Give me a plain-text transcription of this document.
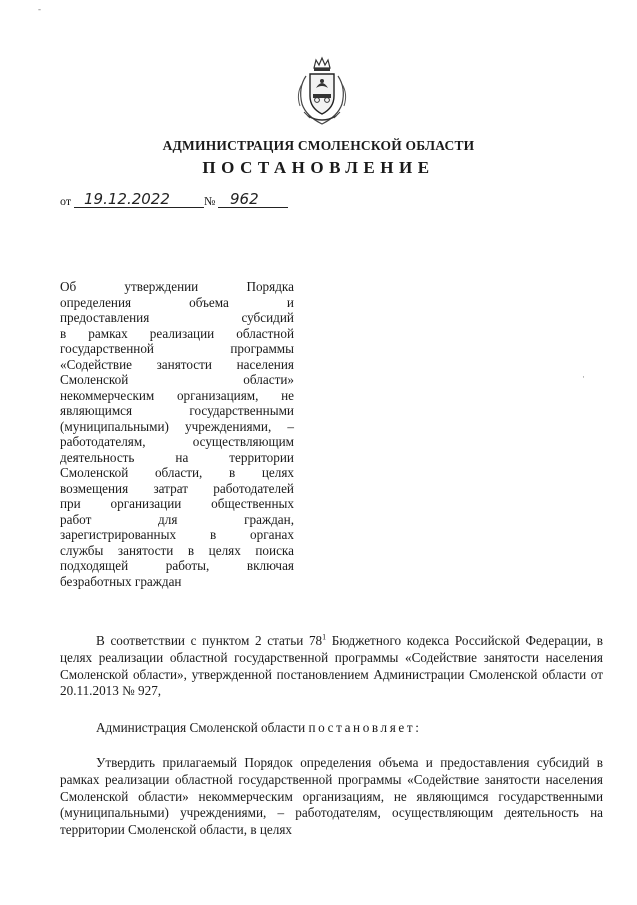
АДМИНИСТРАЦИЯ СМОЛЕНСКОЙ ОБЛАСТИ
ПОСТАНОВЛЕНИЕ
от 19.12.2022	№ 962
Об утверждении Порядка
определения объема и
предоставления субсидий
в рамках реализации областной
государственной программы
«Содействие занятости населения
Смоленской области»
некоммерческим организациям, не
являющимся государственными
(муниципальными) учреждениями, –
работодателям, осуществляющим
деятельность на территории
Смоленской области, в целях
возмещения затрат работодателей
при организации общественных
работ для граждан,
зарегистрированных в органах
службы занятости в целях поиска
подходящей работы, включая
безработных граждан
В соответствии с пунктом 2 статьи $78^1$ Бюджетного кодекса Российской Федерации, в целях реализации областной государственной программы «Содействие занятости населения Смоленской области», утвержденной постановлением Администрации Смоленской области от 20.11.2013 № 927,
Администрация Смоленской области постановляет:
Утвердить прилагаемый Порядок определения объема и предоставления субсидий в рамках реализации областной государственной программы «Содействие занятости населения Смоленской области» некоммерческим организациям, не являющимся государственными (муниципальными) учреждениями, – работодателям, осуществляющим деятельность на территории Смоленской области, в целях
-
·
